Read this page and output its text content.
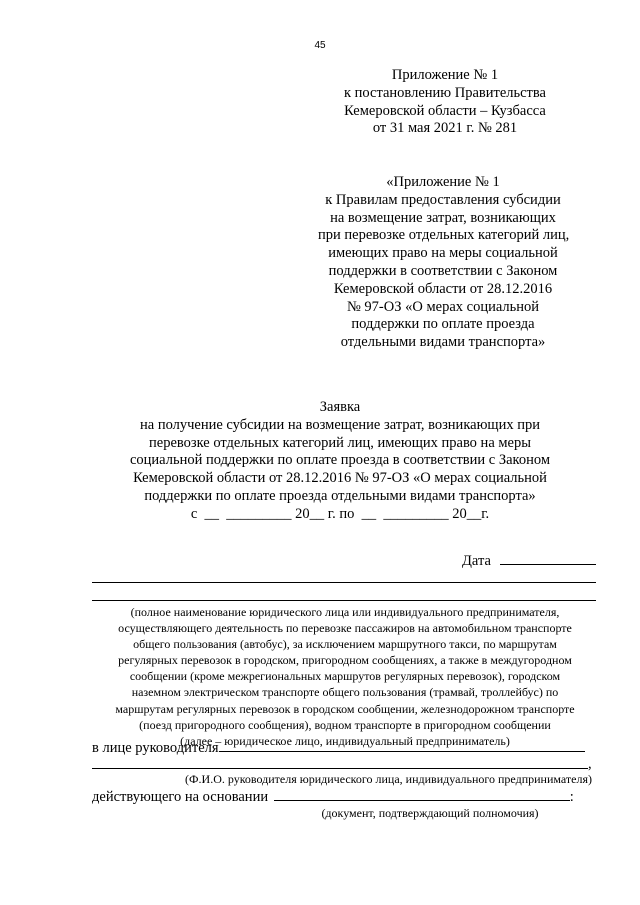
45
Приложение № 1
к постановлению Правительства
Кемеровской области – Кузбасса
от 31 мая 2021 г. № 281
«Приложение № 1
к Правилам предоставления субсидии
на возмещение затрат, возникающих
при перевозке отдельных категорий лиц,
имеющих право на меры социальной
поддержки в соответствии с Законом
Кемеровской области от 28.12.2016
№ 97-ОЗ «О мерах социальной
поддержки по оплате проезда
отдельными видами транспорта»
Заявка
на получение субсидии на возмещение затрат, возникающих при
перевозке отдельных категорий лиц, имеющих право на меры
социальной поддержки по оплате проезда в соответствии с Законом
Кемеровской области от 28.12.2016 № 97-ОЗ «О мерах социальной
поддержки по оплате проезда отдельными видами транспорта»
с  __  _________ 20__ г. по  __  _________ 20__г.
Дата
(полное наименование юридического лица или индивидуального предпринимателя,
осуществляющего деятельность по перевозке пассажиров на автомобильном транспорте
общего пользования (автобус), за исключением маршрутного такси, по маршрутам
регулярных перевозок в городском, пригородном сообщениях, а также в междугородном
сообщении (кроме межрегиональных маршрутов регулярных перевозок), городском
наземном электрическом транспорте общего пользования (трамвай, троллейбус) по
маршрутам регулярных перевозок в городском сообщении, железнодорожном транспорте
(поезд пригородного сообщения), водном транспорте в пригородном сообщении
(далее – юридическое лицо, индивидуальный предприниматель)
в лице руководителя
,
(Ф.И.О. руководителя юридического лица, индивидуального предпринимателя)
действующего на основании	:
(документ, подтверждающий полномочия)
